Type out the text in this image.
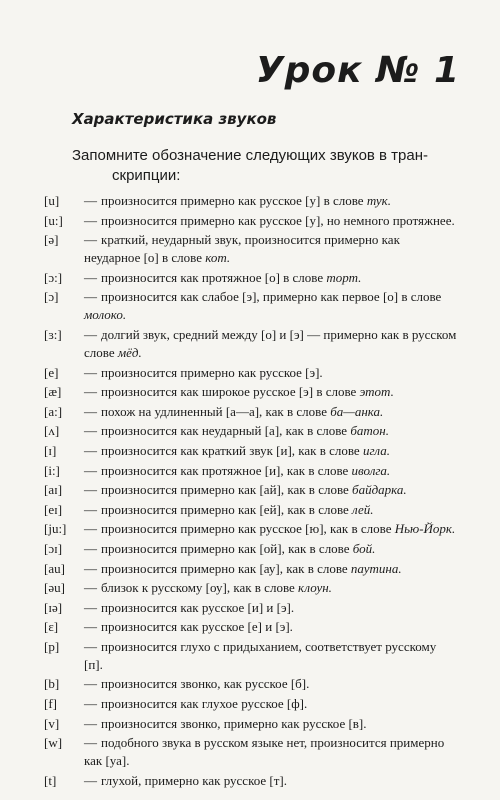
Урок № 1
Характеристика звуков

Запомните обозначение следующих звуков в тран-
скрипции:

[u]	— произносится примерно как русское [у] в слове тук.
[u:]	— произносится примерно как русское [у], но немного протяжнее.
[ə]	— краткий, неударный звук, произносится примерно как неударное [о] в слове кот.
[ɔ:]	— произносится как протяжное [о] в слове торт.
[ɔ]	— произносится как слабое [э], примерно как первое [о] в слове молоко.
[ɜ:]	— долгий звук, средний между [о] и [э] — примерно как в русском слове мёд.
[e]	— произносится примерно как русское [э].
[æ]	— произносится как широкое русское [э] в слове этот.
[a:]	— похож на удлиненный [а—а], как в слове ба—анка.
[ʌ]	— произносится как неударный [а], как в слове батон.
[ɪ]	— произносится как краткий звук [и], как в слове игла.
[i:]	— произносится как протяжное [и], как в слове иволга.
[aɪ]	— произносится примерно как [ай], как в слове байдарка.
[eɪ]	— произносится примерно как [ей], как в слове лей.
[ju:]	— произносится примерно как русское [ю], как в слове Нью-Йорк.
[ɔɪ]	— произносится примерно как [ой], как в слове бой.
[au]	— произносится примерно как [ау], как в слове паутина.
[əu]	— близок к русскому [оу], как в слове клоун.
[ɪə]	— произносится как русское [и] и [э].
[ɛ]	— произносится как русское [е] и [э].
[p]	— произносится глухо с придыханием, соответствует русскому [п].
[b]	— произносится звонко, как русское [б].
[f]	— произносится как глухое русское [ф].
[v]	— произносится звонко, примерно как русское [в].
[w]	— подобного звука в русском языке нет, произносится примерно как [уа].
[t]	— глухой, примерно как русское [т].
